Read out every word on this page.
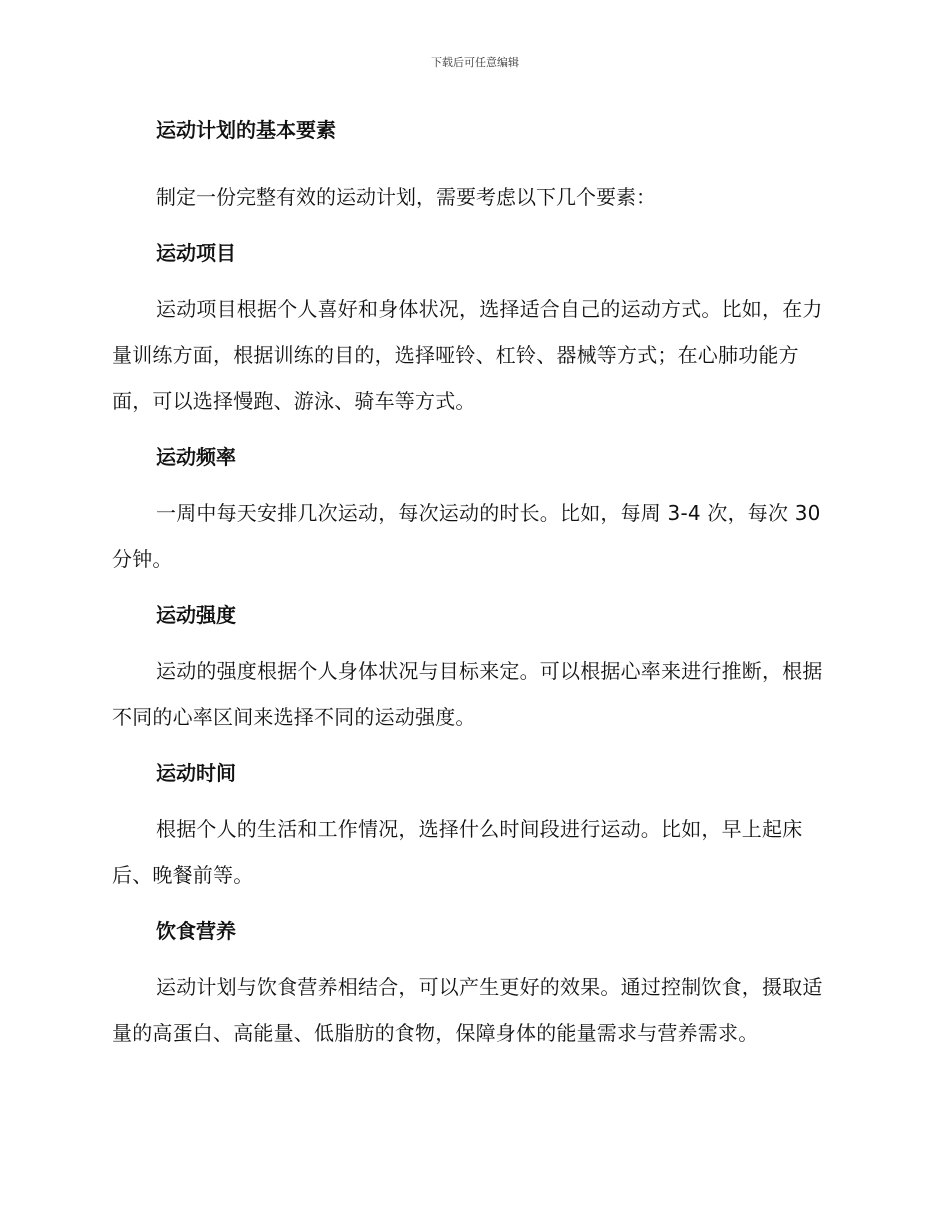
下载后可任意编辑
运动计划的基本要素

制定一份完整有效的运动计划，需要考虑以下几个要素：

运动项目

运动项目根据个人喜好和身体状况，选择适合自己的运动方式。比如，在力量训练方面，根据训练的目的，选择哑铃、杠铃、器械等方式；在心肺功能方面，可以选择慢跑、游泳、骑车等方式。

运动频率

一周中每天安排几次运动，每次运动的时长。比如，每周 3-4 次，每次 30 分钟。

运动强度

运动的强度根据个人身体状况与目标来定。可以根据心率来进行推断，根据不同的心率区间来选择不同的运动强度。

运动时间

根据个人的生活和工作情况，选择什么时间段进行运动。比如，早上起床后、晚餐前等。

饮食营养

运动计划与饮食营养相结合，可以产生更好的效果。通过控制饮食，摄取适量的高蛋白、高能量、低脂肪的食物，保障身体的能量需求与营养需求。
